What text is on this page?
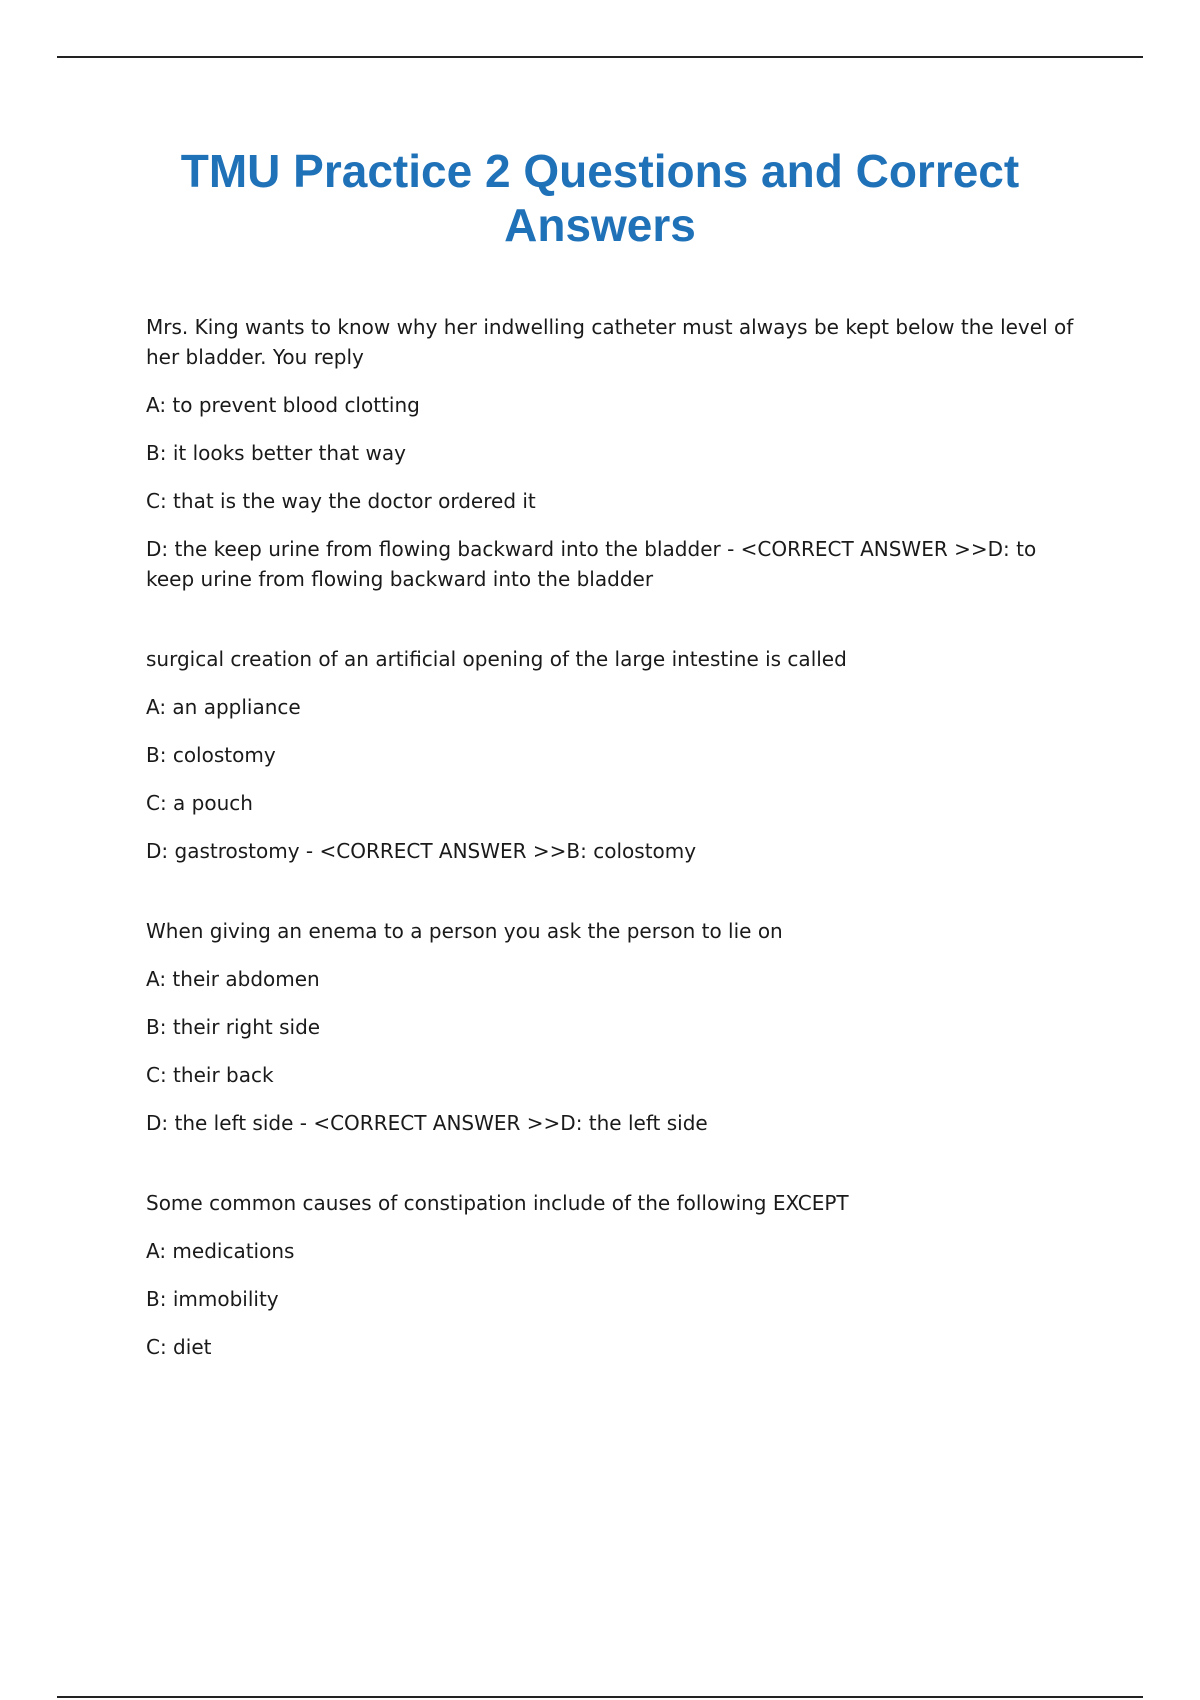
TMU Practice 2 Questions and Correct Answers

Mrs. King wants to know why her indwelling catheter must always be kept below the level of her bladder. You reply

A: to prevent blood clotting

B: it looks better that way

C: that is the way the doctor ordered it

D: the keep urine from flowing backward into the bladder - <CORRECT ANSWER >>D: to keep urine from flowing backward into the bladder

surgical creation of an artificial opening of the large intestine is called

A: an appliance

B: colostomy

C: a pouch

D: gastrostomy - <CORRECT ANSWER >>B: colostomy

When giving an enema to a person you ask the person to lie on

A: their abdomen

B: their right side

C: their back

D: the left side - <CORRECT ANSWER >>D: the left side

Some common causes of constipation include of the following EXCEPT

A: medications

B: immobility

C: diet
